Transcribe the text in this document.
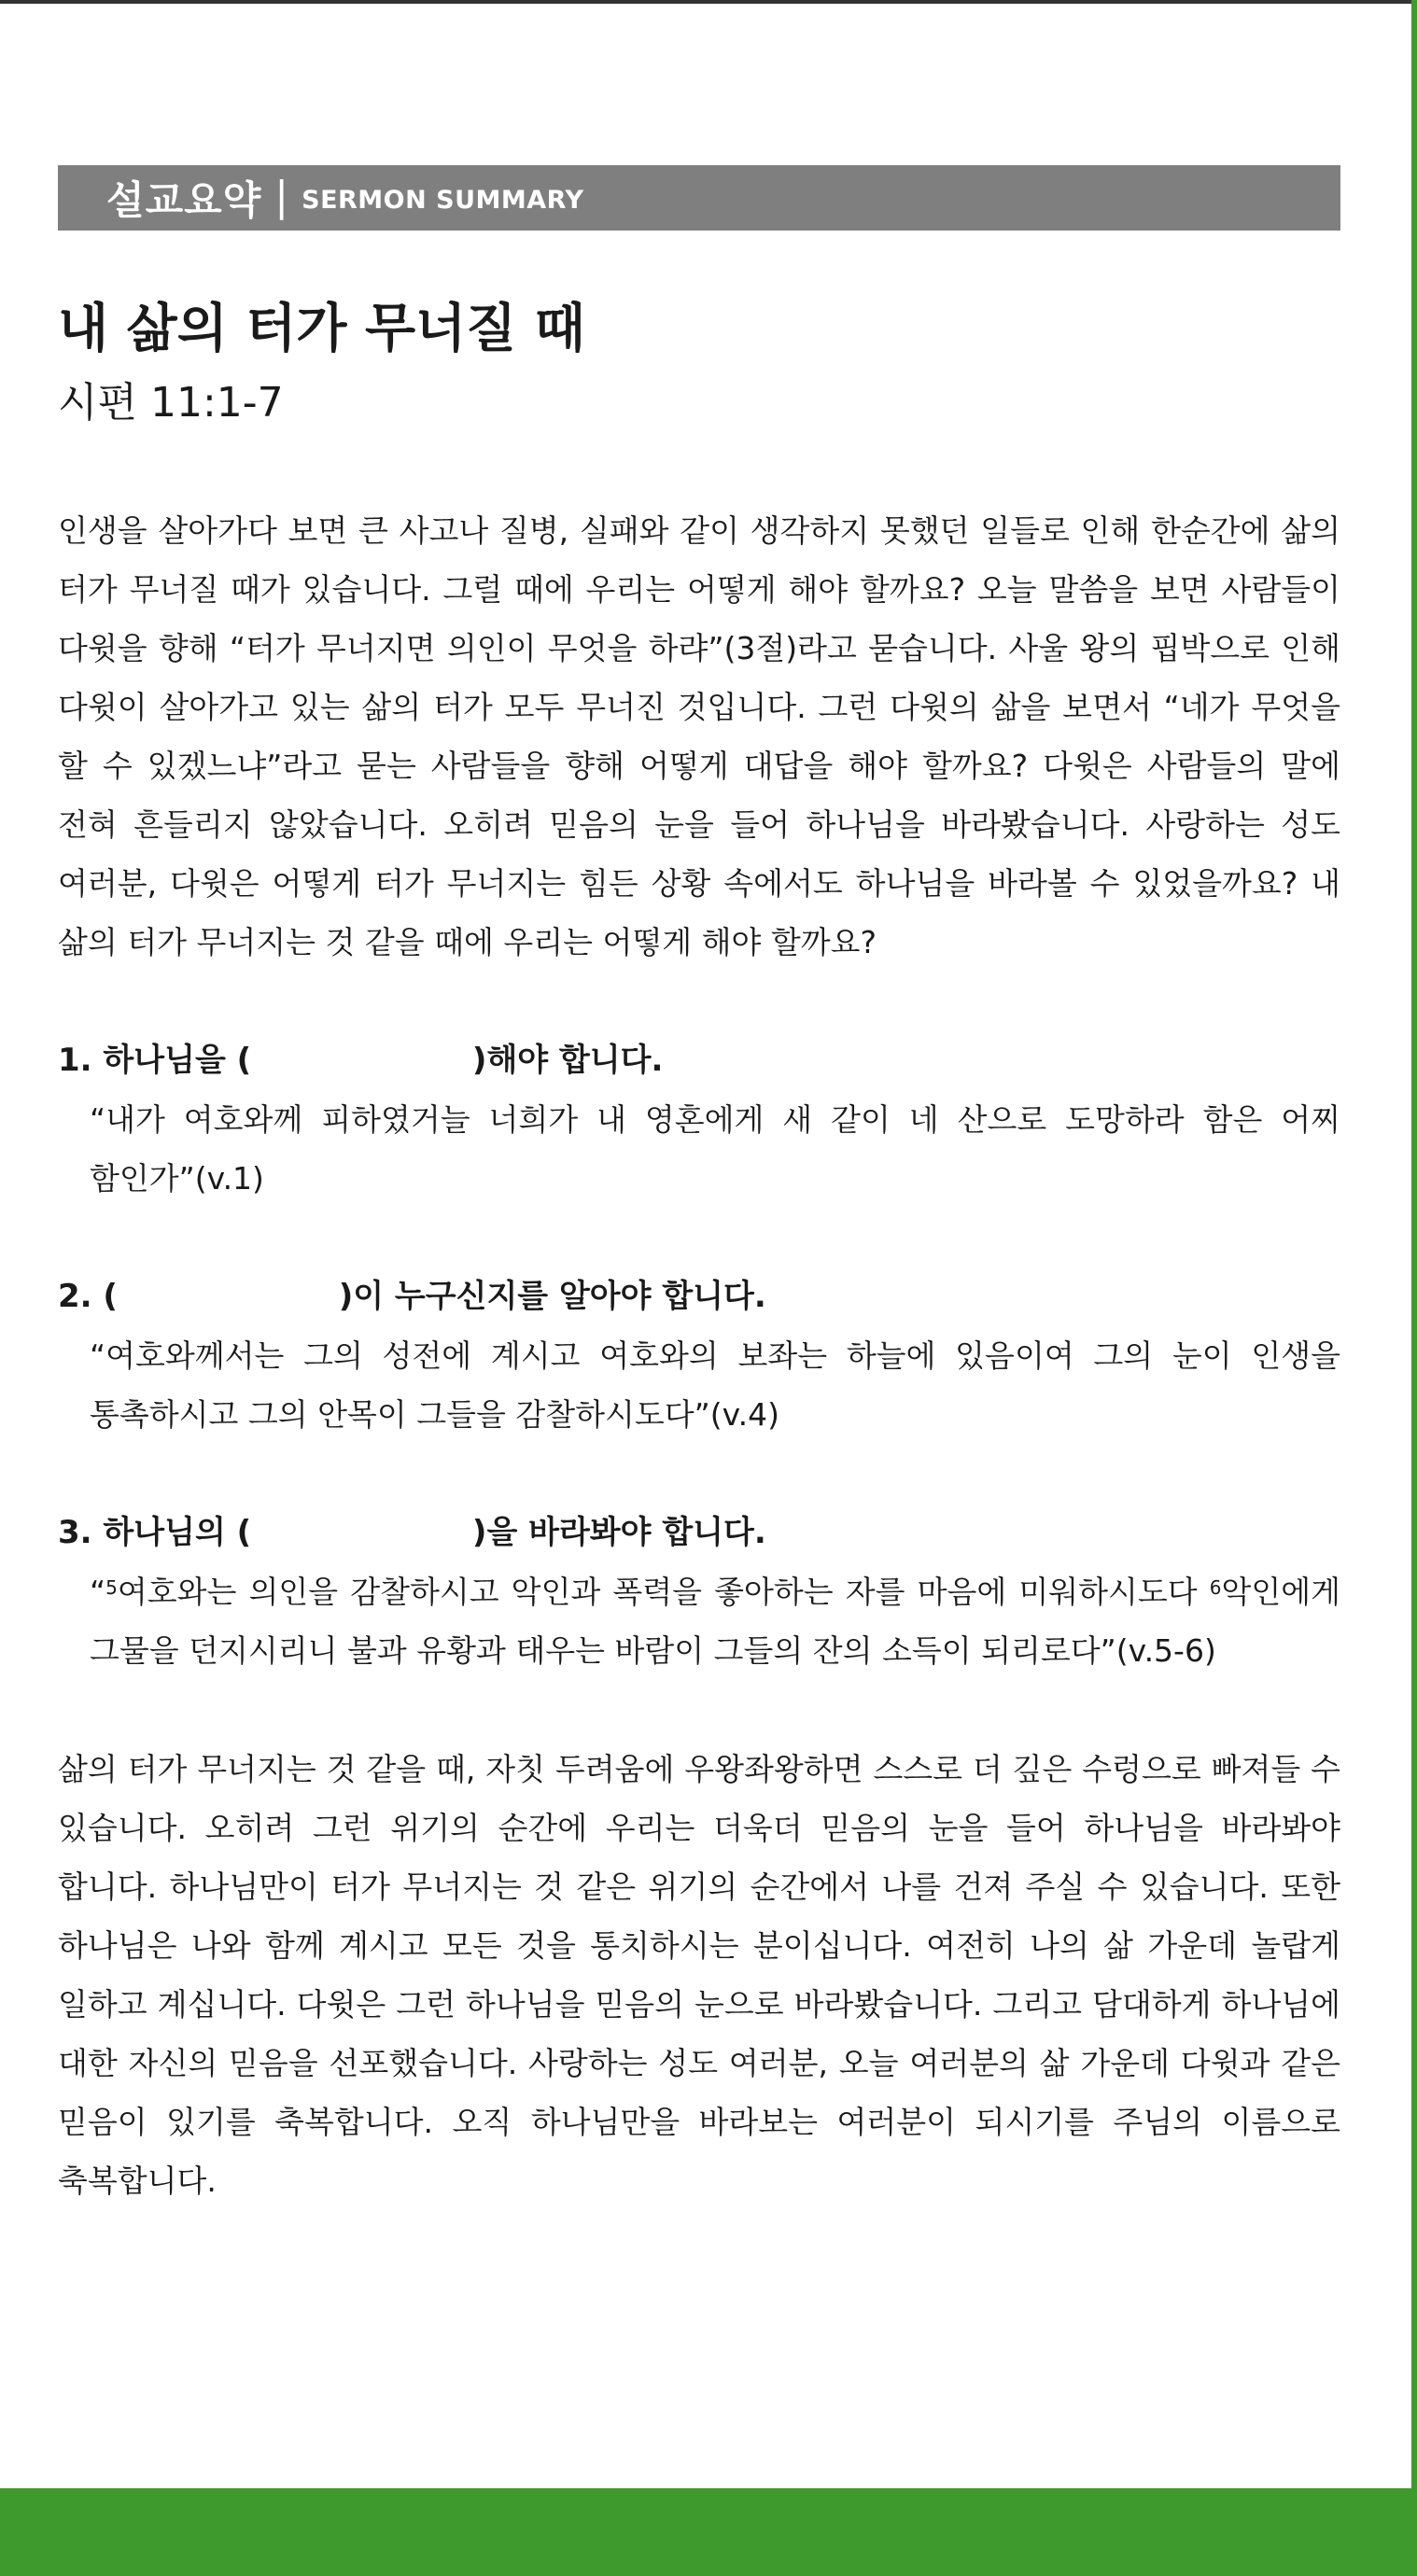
설교요약 | SERMON SUMMARY
내 삶의 터가 무너질 때
시편 11:1-7

인생을 살아가다 보면 큰 사고나 질병, 실패와 같이 생각하지 못했던 일들로 인해 한순간에 삶의 터가 무너질 때가 있습니다. 그럴 때에 우리는 어떻게 해야 할까요? 오늘 말씀을 보면 사람들이 다윗을 향해 “터가 무너지면 의인이 무엇을 하랴”(3절)라고 묻습니다. 사울 왕의 핍박으로 인해 다윗이 살아가고 있는 삶의 터가 모두 무너진 것입니다. 그런 다윗의 삶을 보면서 “네가 무엇을 할 수 있겠느냐”라고 묻는 사람들을 향해 어떻게 대답을 해야 할까요? 다윗은 사람들의 말에 전혀 흔들리지 않았습니다. 오히려 믿음의 눈을 들어 하나님을 바라봤습니다. 사랑하는 성도 여러분, 다윗은 어떻게 터가 무너지는 힘든 상황 속에서도 하나님을 바라볼 수 있었을까요? 내 삶의 터가 무너지는 것 같을 때에 우리는 어떻게 해야 할까요?

1. 하나님을 (                    )해야 합니다.

“내가 여호와께 피하였거늘 너희가 내 영혼에게 새 같이 네 산으로 도망하라 함은 어찌 함인가”(v.1)

2. (                    )이 누구신지를 알아야 합니다.

“여호와께서는 그의 성전에 계시고 여호와의 보좌는 하늘에 있음이여 그의 눈이 인생을 통촉하시고 그의 안목이 그들을 감찰하시도다”(v.4)

3. 하나님의 (                    )을 바라봐야 합니다.

“$^5$여호와는 의인을 감찰하시고 악인과 폭력을 좋아하는 자를 마음에 미워하시도다 $^6$악인에게 그물을 던지시리니 불과 유황과 태우는 바람이 그들의 잔의 소득이 되리로다”(v.5-6)

삶의 터가 무너지는 것 같을 때, 자칫 두려움에 우왕좌왕하면 스스로 더 깊은 수렁으로 빠져들 수 있습니다. 오히려 그런 위기의 순간에 우리는 더욱더 믿음의 눈을 들어 하나님을 바라봐야 합니다. 하나님만이 터가 무너지는 것 같은 위기의 순간에서 나를 건져 주실 수 있습니다. 또한 하나님은 나와 함께 계시고 모든 것을 통치하시는 분이십니다. 여전히 나의 삶 가운데 놀랍게 일하고 계십니다. 다윗은 그런 하나님을 믿음의 눈으로 바라봤습니다. 그리고 담대하게 하나님에 대한 자신의 믿음을 선포했습니다. 사랑하는 성도 여러분, 오늘 여러분의 삶 가운데 다윗과 같은 믿음이 있기를 축복합니다. 오직 하나님만을 바라보는 여러분이 되시기를 주님의 이름으로 축복합니다.
